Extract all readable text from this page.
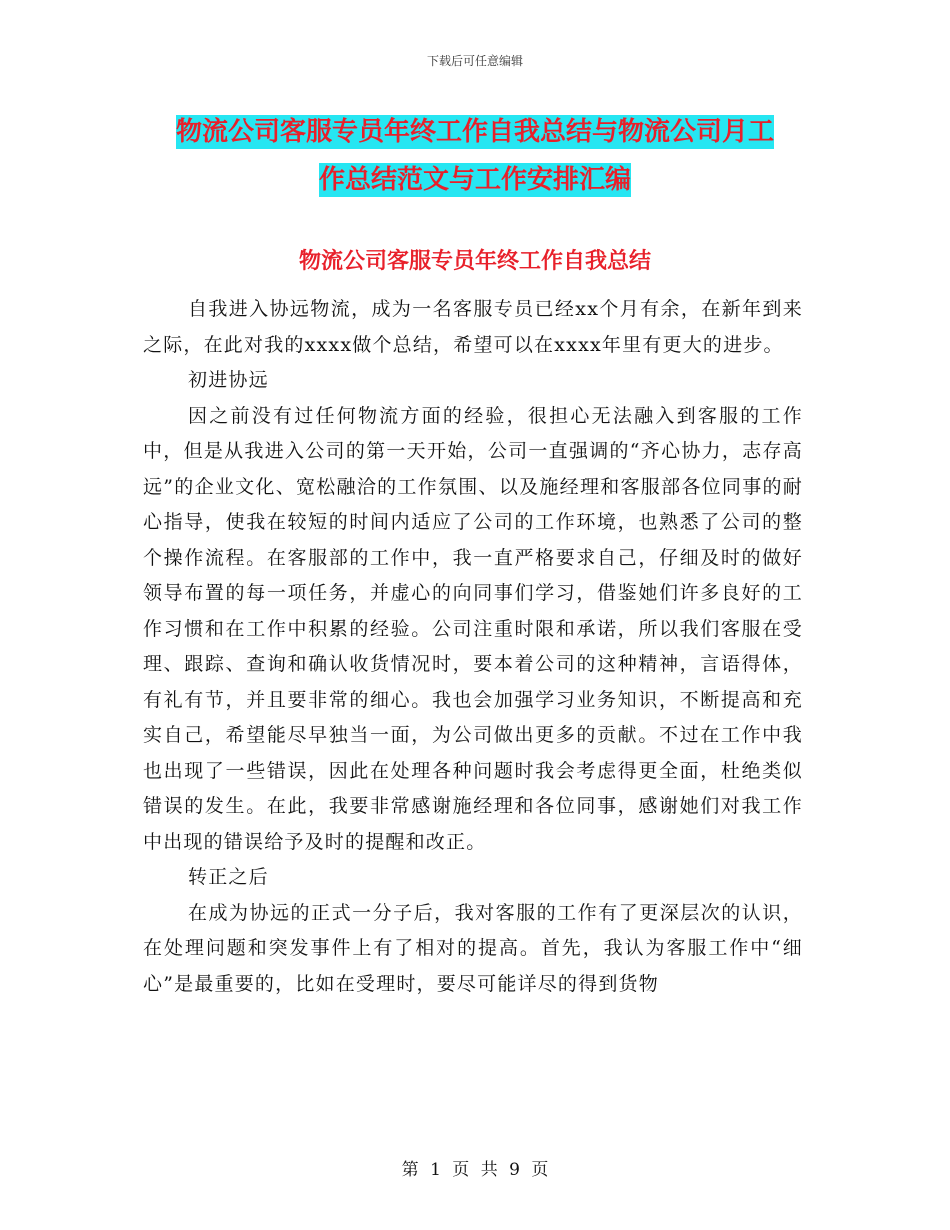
下载后可任意编辑
物流公司客服专员年终工作自我总结与物流公司月工
作总结范文与工作安排汇编
物流公司客服专员年终工作自我总结

自我进入协远物流，成为一名客服专员已经xx个月有余，在新年到来之际，在此对我的xxxx做个总结，希望可以在xxxx年里有更大的进步。

初进协远

因之前没有过任何物流方面的经验，很担心无法融入到客服的工作中，但是从我进入公司的第一天开始，公司一直强调的“齐心协力，志存高远”的企业文化、宽松融洽的工作氛围、以及施经理和客服部各位同事的耐心指导，使我在较短的时间内适应了公司的工作环境，也熟悉了公司的整个操作流程。在客服部的工作中，我一直严格要求自己，仔细及时的做好领导布置的每一项任务，并虚心的向同事们学习，借鉴她们许多良好的工作习惯和在工作中积累的经验。公司注重时限和承诺，所以我们客服在受理、跟踪、查询和确认收货情况时，要本着公司的这种精神，言语得体，有礼有节，并且要非常的细心。我也会加强学习业务知识，不断提高和充实自己，希望能尽早独当一面，为公司做出更多的贡献。不过在工作中我也出现了一些错误，因此在处理各种问题时我会考虑得更全面，杜绝类似错误的发生。在此，我要非常感谢施经理和各位同事，感谢她们对我工作中出现的错误给予及时的提醒和改正。

转正之后

在成为协远的正式一分子后，我对客服的工作有了更深层次的认识，在处理问题和突发事件上有了相对的提高。首先，我认为客服工作中“细心”是最重要的，比如在受理时，要尽可能详尽的得到货物

第 1 页 共 9 页
